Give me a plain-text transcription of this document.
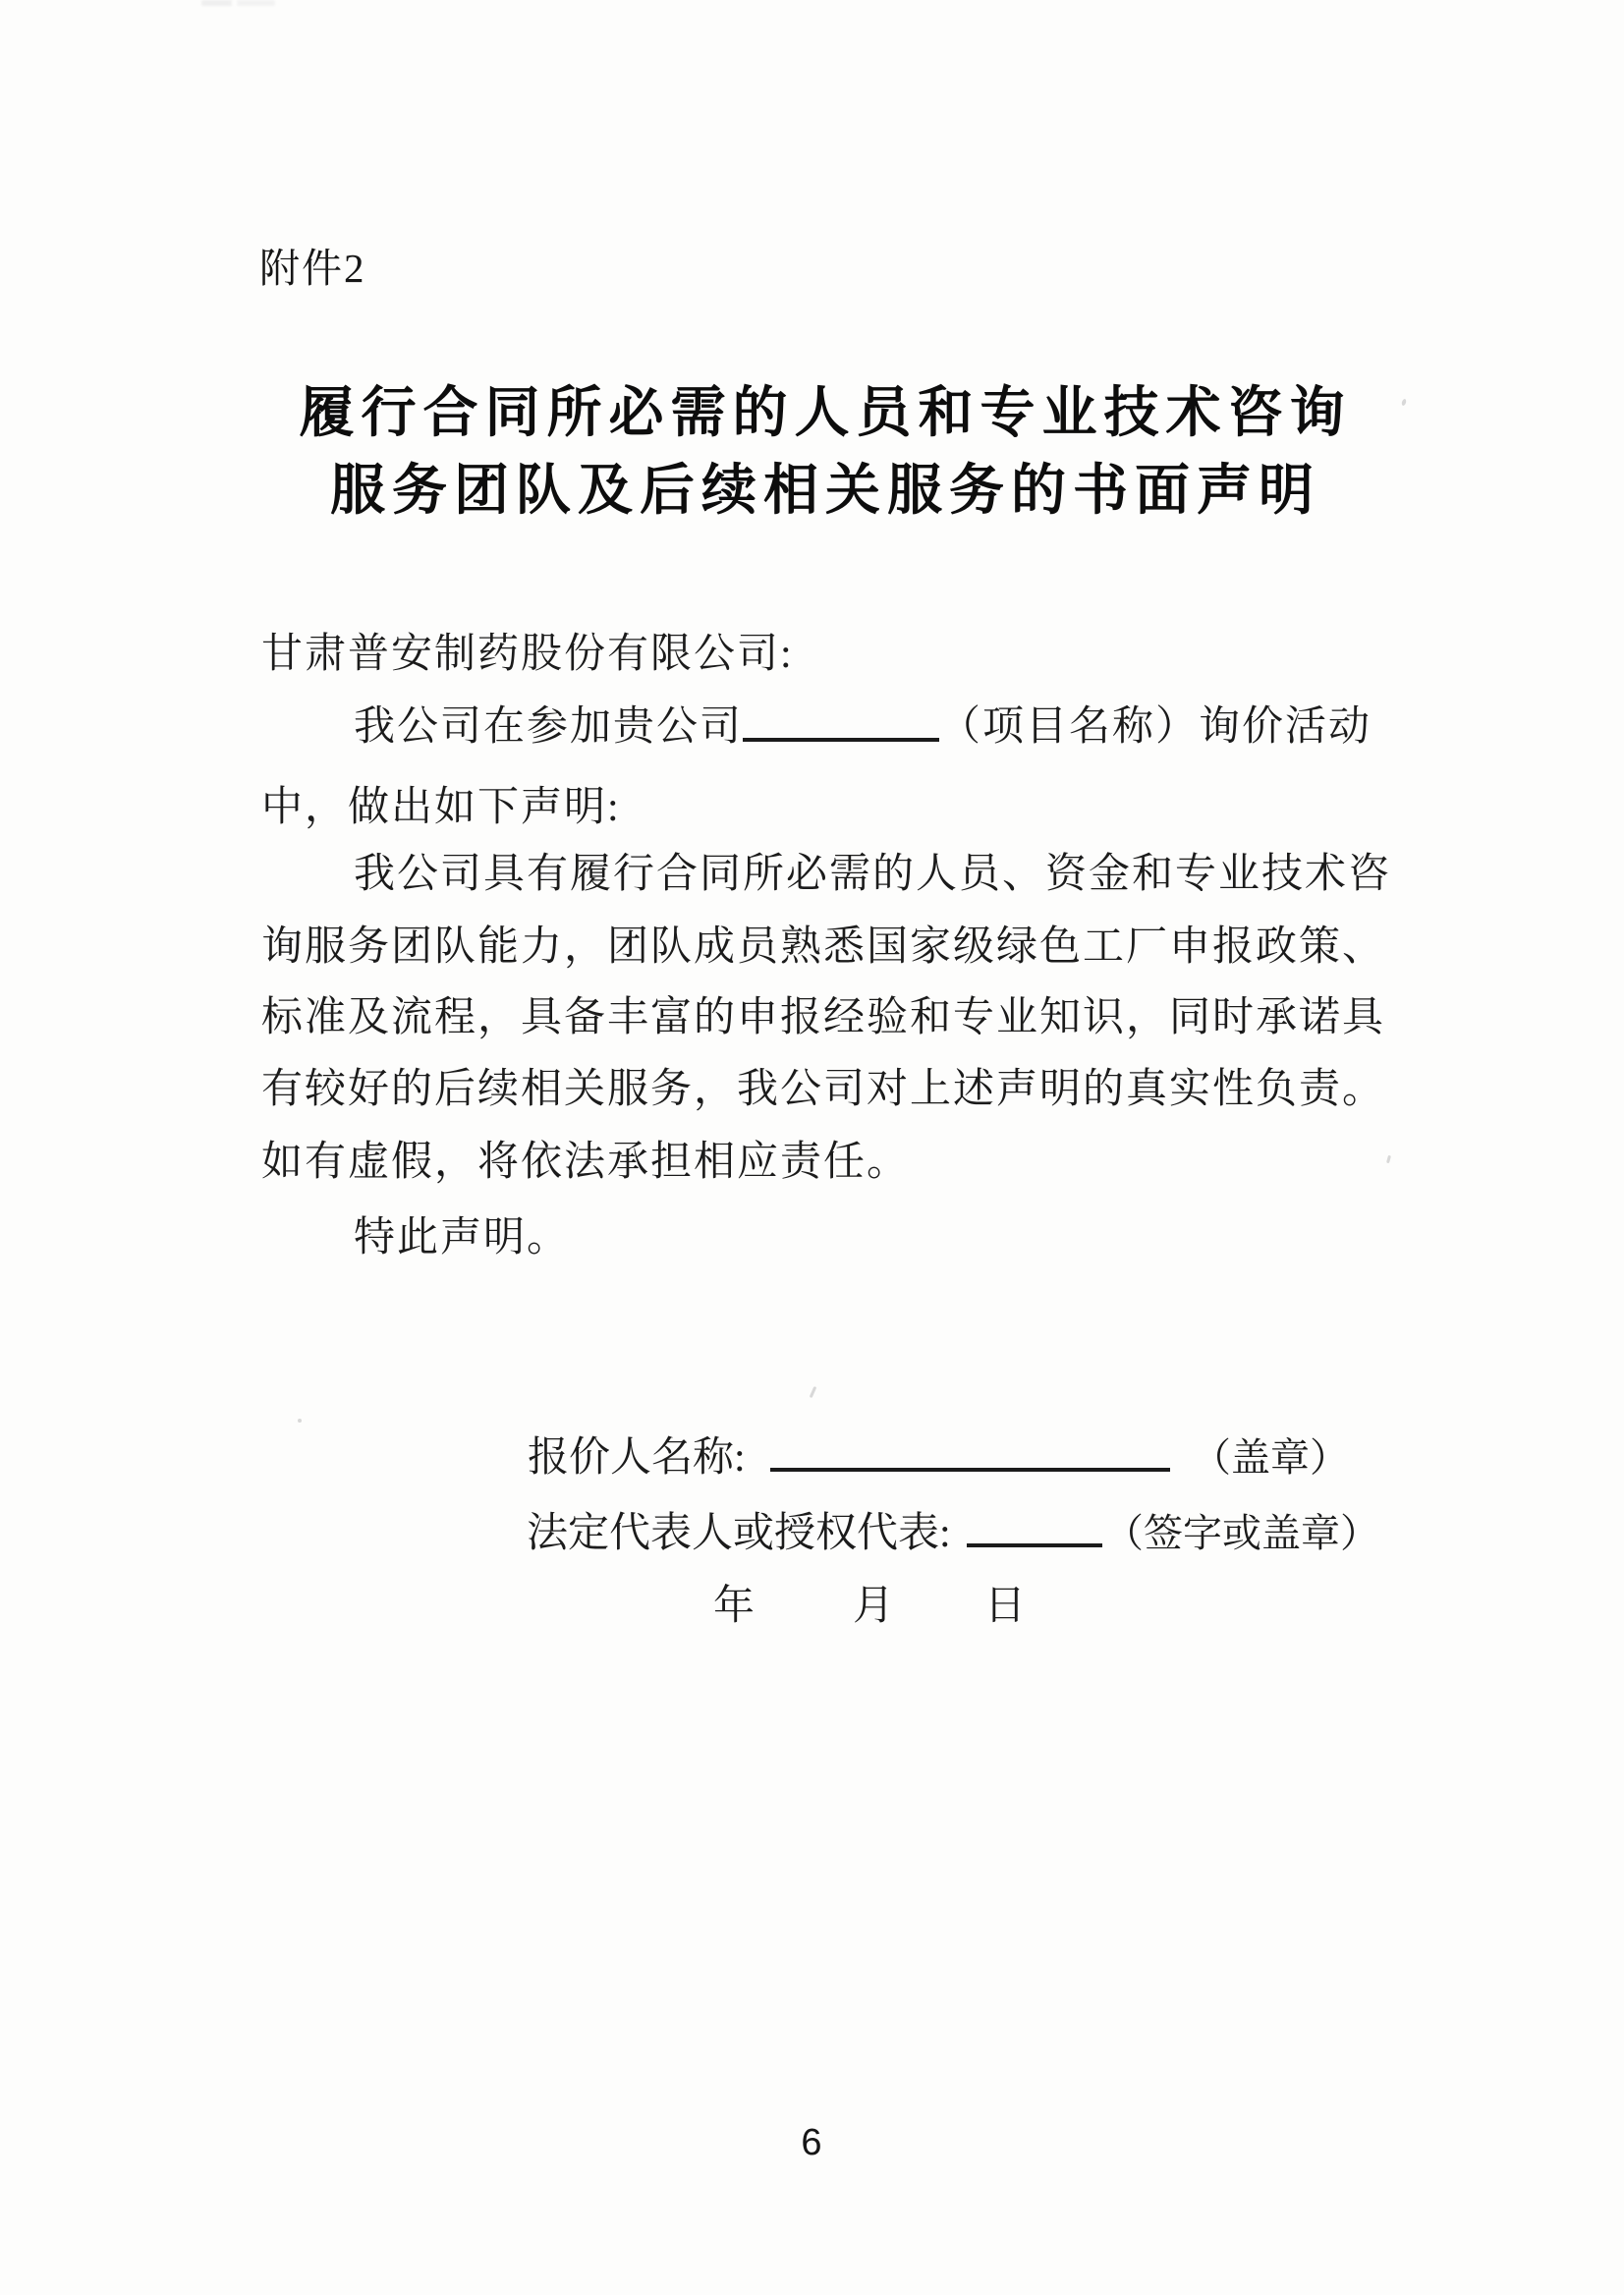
附件2
履行合同所必需的人员和专业技术咨询
服务团队及后续相关服务的书面声明
甘肃普安制药股份有限公司:
我公司在参加贵公司	（项目名称）询价活动
中，做出如下声明:
我公司具有履行合同所必需的人员、资金和专业技术咨
询服务团队能力，团队成员熟悉国家级绿色工厂申报政策、
标准及流程，具备丰富的申报经验和专业知识，同时承诺具
有较好的后续相关服务，我公司对上述声明的真实性负责。
如有虚假，将依法承担相应责任。
特此声明。
报价人名称:	（盖章）
法定代表人或授权代表:	（签字或盖章）
年 月 日
6
